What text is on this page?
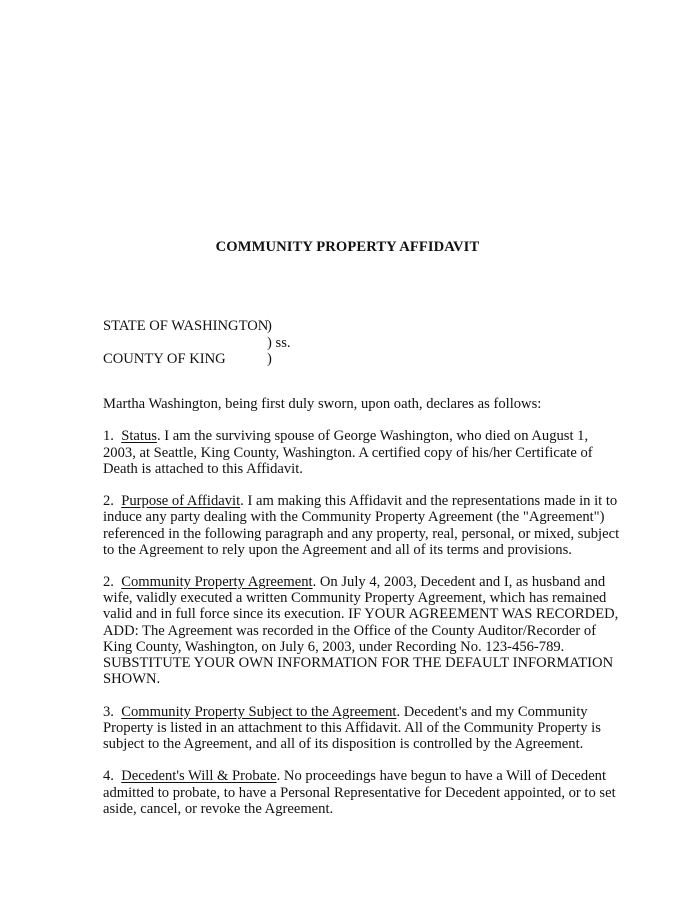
COMMUNITY PROPERTY AFFIDAVIT
STATE OF WASHINGTON
)
) ss.
COUNTY OF KING	)
Martha Washington, being first duly sworn, upon oath, declares as follows:
1. Status. I am the surviving spouse of George Washington, who died on August 1,
2003, at Seattle, King County, Washington. A certified copy of his/her Certificate of
Death is attached to this Affidavit.
2. Purpose of Affidavit. I am making this Affidavit and the representations made in it to
induce any party dealing with the Community Property Agreement (the "Agreement")
referenced in the following paragraph and any property, real, personal, or mixed, subject
to the Agreement to rely upon the Agreement and all of its terms and provisions.
2. Community Property Agreement. On July 4, 2003, Decedent and I, as husband and
wife, validly executed a written Community Property Agreement, which has remained
valid and in full force since its execution. IF YOUR AGREEMENT WAS RECORDED,
ADD: The Agreement was recorded in the Office of the County Auditor/Recorder of
King County, Washington, on July 6, 2003, under Recording No. 123-456-789.
SUBSTITUTE YOUR OWN INFORMATION FOR THE DEFAULT INFORMATION
SHOWN.
3. Community Property Subject to the Agreement. Decedent's and my Community
Property is listed in an attachment to this Affidavit. All of the Community Property is
subject to the Agreement, and all of its disposition is controlled by the Agreement.
4. Decedent's Will & Probate. No proceedings have begun to have a Will of Decedent
admitted to probate, to have a Personal Representative for Decedent appointed, or to set
aside, cancel, or revoke the Agreement.
